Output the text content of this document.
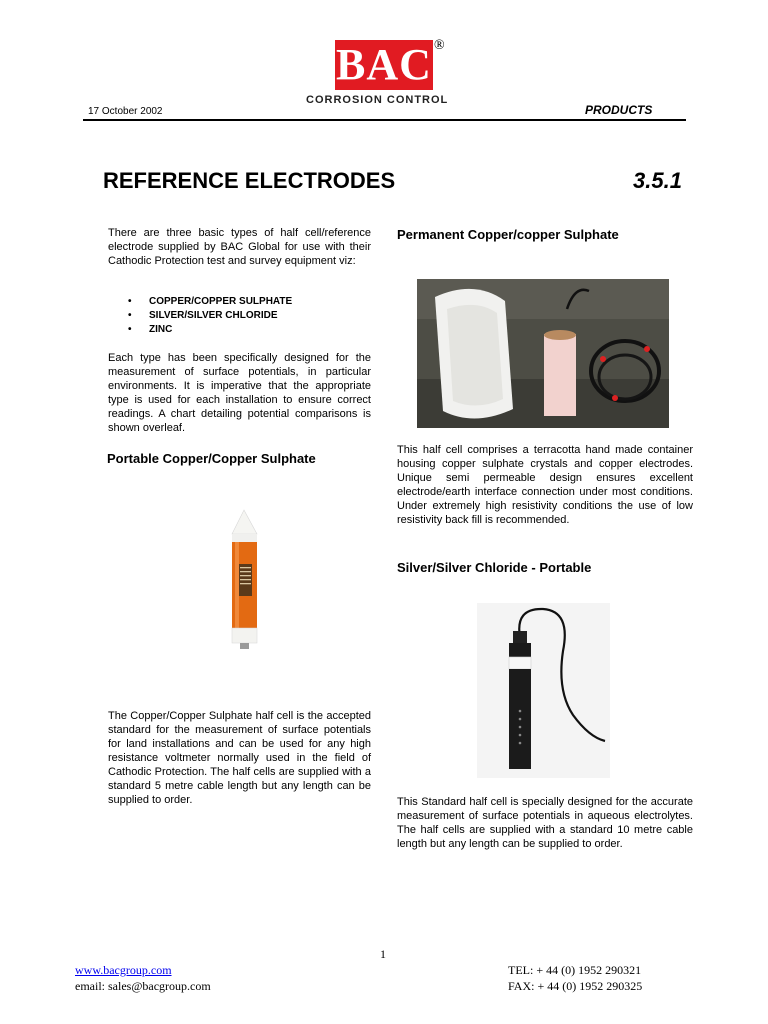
BAC ®
CORROSION CONTROL
17 October 2002	PRODUCTS
REFERENCE ELECTRODES	3.5.1
There are three basic types of half cell/reference electrode supplied by BAC Global for use with their Cathodic Protection test and survey equipment viz:
• COPPER/COPPER SULPHATE
• SILVER/SILVER CHLORIDE
• ZINC
Each type has been specifically designed for the measurement of surface potentials, in particular environments. It is imperative that the appropriate type is used for each installation to ensure correct readings. A chart detailing potential comparisons is shown overleaf.
Portable Copper/Copper Sulphate
The Copper/Copper Sulphate half cell is the accepted standard for the measurement of surface potentials for land installations and can be used for any high resistance voltmeter normally used in the field of Cathodic Protection. The half cells are supplied with a standard 5 metre cable length but any length can be supplied to order.
Permanent Copper/copper Sulphate
This half cell comprises a terracotta hand made container housing copper sulphate crystals and copper electrodes. Unique semi permeable design ensures excellent electrode/earth interface connection under most conditions. Under extremely high resistivity conditions the use of low resistivity back fill is recommended.
Silver/Silver Chloride - Portable
This Standard half cell is specially designed for the accurate measurement of surface potentials in aqueous electrolytes. The half cells are supplied with a standard 10 metre cable length but any length can be supplied to order.
1
www.bacgroup.com
email: sales@bacgroup.com
TEL: + 44 (0) 1952 290321
FAX: + 44 (0) 1952 290325
